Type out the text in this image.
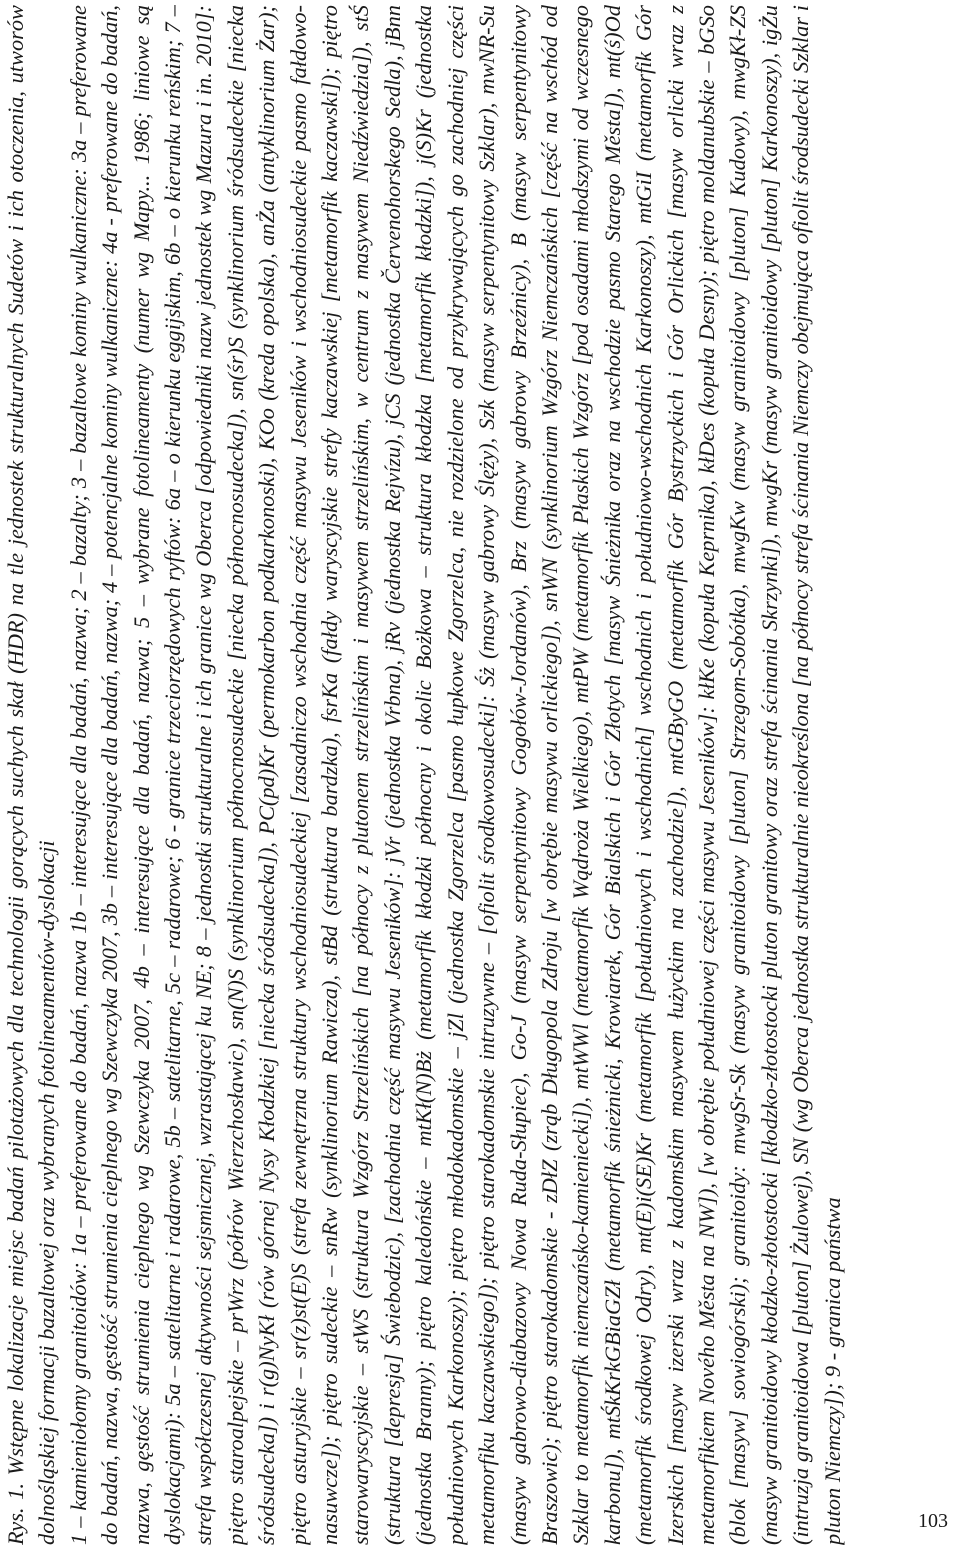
Rys. 1. Wstępne lokalizacje miejsc badań pilotażowych dla technologii gorących suchych skał (HDR) na tle jednostek strukturalnych Sudetów i ich otoczenia, utworów dolnośląskiej formacji bazaltowej oraz wybranych fotolineamentów-dyslokacji 1 – kamieniołomy granitoidów: 1a – preferowane do badań, nazwa 1b – interesujące dla badań, nazwa; 2 – bazalty; 3 – bazaltowe kominy wulkaniczne: 3a – preferowane do badań, nazwa, gęstość strumienia cieplnego wg Szewczyka 2007, 3b – interesujące dla badań, nazwa; 4 – potencjalne kominy wulkaniczne: 4a - preferowane do badań, nazwa, gęstość strumienia cieplnego wg Szewczyka 2007, 4b – interesujące dla badań, nazwa; 5 – wybrane fotolineamenty (numer wg Mapy... 1986; liniowe są dyslokacjami): 5a – satelitarne i radarowe, 5b – satelitarne, 5c – radarowe; 6 - granice trzeciorzędowych ryftów: 6a – o kierunku eggijskim, 6b – o kierunku reńskim; 7 – strefa współczesnej aktywności sejsmicznej, wzrastającej ku NE; 8 – jednostki strukturalne i ich granice wg Oberca [odpowiedniki nazw jednostek wg Mazura i in. 2010]: piętro staroalpejskie – prWrz (półrów Wierzchosławic), sn(N)S (synklinorium północnosudeckie [niecka północnosudecka]), sn(śr)S (synklinorium śródsudeckie [niecka śródsudecka]) i r(g)NyKł (rów górnej Nysy Kłodzkiej [niecka śródsudecka]), PC(pd)Kr (permokarbon podkarkonoski), KOo (kreda opolska), anŻa (antyklinorium Żar); piętro asturyjskie – sr(z)st(E)S (strefa zewnętrzna struktury wschodniosudeckiej [zasadniczo wschodnia część masywu Jeseników i wschodniosudeckie pasmo fałdowo-nasuwcze]); piętro sudeckie – snRw (synklinorium Rawicza), stBd (struktura bardzka), fsrKa (fałdy waryscyjskie strefy kaczawskiej [metamorfik kaczawski]); piętro starowaryscyjskie – stWS (struktura Wzgórz Strzelińskich [na północy z plutonem strzelińskim i masywem strzelińskim, w centrum z masywem Niedźwiedzia]), stŚ (struktura [depresja] Świebodzic), [zachodnia część masywu Jeseników]: jVr (jednostka Vrbna), jRv (jednostka Rejvízu), jCS (jednostka Červenohorskego Sedla), jBnn (jednostka Branny); piętro kaledońskie – mtKł(N)Bż (metamorfik kłodzki północny i okolic Bożkowa – struktura kłodzka [metamorfik kłodzki]), j(S)Kr (jednostka południowych Karkonoszy); piętro młodokadomskie – jZl (jednostka Zgorzelca [pasmo łupkowe Zgorzelca, nie rozdzielone od przykrywających go zachodniej części metamorfiku kaczawskiego]); piętro starokadomskie intruzywne – [ofiolit środkowosudecki]: Śż (masyw gabrowy Ślęży), Szk (masyw serpentynitowy Szklar), mwNR-Su (masyw gabrowo-diabazowy Nowa Ruda-Słupiec), Go-J (masyw serpentynitowy Gogołów-Jordanów), Brz (masyw gabrowy Brzeźnicy), B (masyw serpentynitowy Braszowic); piętro starokadomskie - zDłZ (zrąb Długopola Zdroju [w obrębie masywu orlickiego]), snWN (synklinorium Wzgórz Niemczańskich [część na wschód od Szklar to metamorfik niemczańsko-kamieniecki]), mtWWl (metamorfik Wądroża Wielkiego), mtPW (metamorfik Płaskich Wzgórz [pod osadami młodszymi od wczesnego karbonu]), mtŚkKrkGBiaGZł (metamorfik śnieżnicki, Krowiarek, Gór Bialskich i Gór Złotych [masyw Śnieżnika oraz na wschodzie pasmo Starego Města]), mt(ś)Od (metamorfik środkowej Odry), mt(E)i(SE)Kr (metamorfik [południowych i wschodnich] wschodnich i południowo-wschodnich Karkonoszy), mtGiI (metamorfik Gór Izerskich [masyw izerski wraz z kadomskim masywem łużyckim na zachodzie]), mtGByGO (metamorfik Gór Bystrzyckich i Gór Orlickich [masyw orlicki wraz z metamorfikiem Nového Města na NW]), [w obrębie południowej części masywu Jeseników]: kłKe (kopuła Keprnika), kłDes (kopuła Desny); piętro moldanubskie – bGSo (blok [masyw] sowiogórski); granitoidy: mwgSr-Sk (masyw granitoidowy [pluton] Strzegom-Sobótka), mwgKw (masyw granitoidowy [pluton] Kudowy), mwgKł-ZS (masyw granitoidowy kłodzko-złotostocki [kłodzko-złotostocki pluton granitowy oraz strefa ścinania Skrzynki]), mwgKr (masyw granitoidowy [pluton] Karkonoszy), igŻu (intruzja granitoidowa [pluton] Żulowej), SN (wg Oberca jednostka strukturalnie nieokreślona [na północy strefa ścinania Niemczy obejmująca ofiolit środsudecki Szklar i pluton Niemczy]); 9 - granica państwa	103
